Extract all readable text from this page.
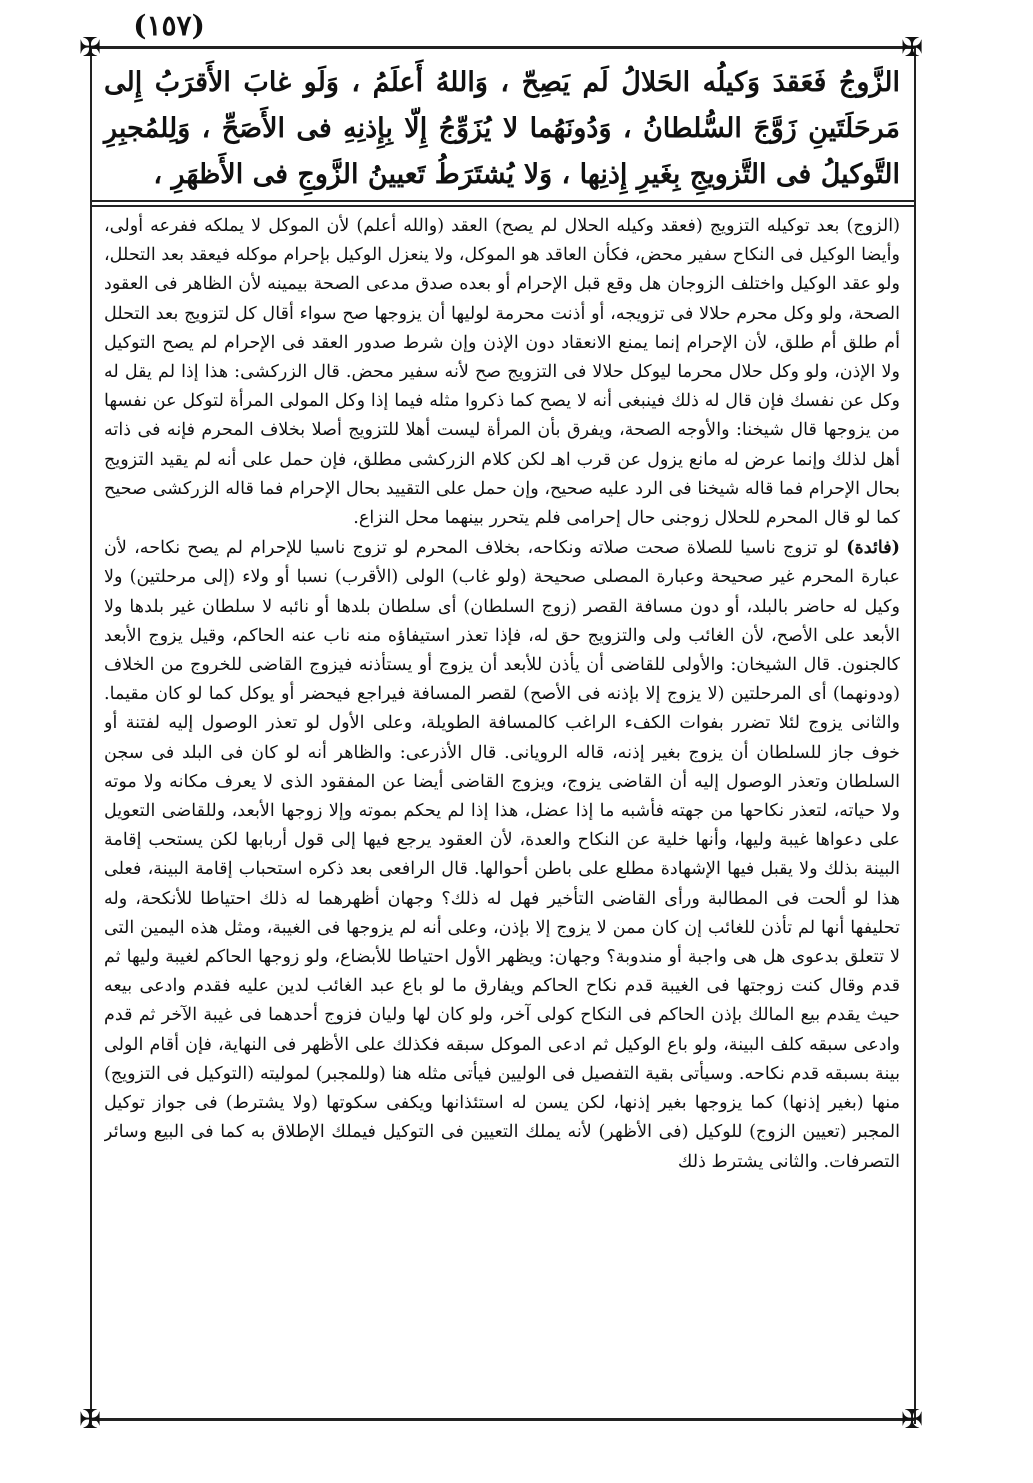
(١٥٧)
✠	✠
✠	✠

الزَّوجُ فَعَقدَ وَكيلُه الحَلالُ لَم يَصِحّ ، وَاللهُ أَعلَمُ ، وَلَو غابَ الأَقرَبُ إِلى مَرحَلَتَينِ زَوَّجَ السُّلطانُ ، وَدُونَهُما لا يُزَوِّجُ إِلّا بِإِذنِهِ فى الأَصَحِّ ، وَلِلمُجبِرِ التَّوكيلُ فى التَّزويجِ بِغَيرِ إِذنِها ، وَلا يُشتَرَطُ تَعيينُ الزَّوجِ فى الأَظهَرِ ،

(الزوج) بعد توكيله التزويج (فعقد وكيله الحلال لم يصح) العقد (والله أعلم) لأن الموكل لا يملكه ففرعه أولى، وأيضا الوكيل فى النكاح سفير محض، فكأن العاقد هو الموكل، ولا ينعزل الوكيل بإحرام موكله فيعقد بعد التحلل، ولو عقد الوكيل واختلف الزوجان هل وقع قبل الإحرام أو بعده صدق مدعى الصحة بيمينه لأن الظاهر فى العقود الصحة، ولو وكل محرم حلالا فى تزويجه، أو أذنت محرمة لوليها أن يزوجها صح سواء أقال كل لتزويج بعد التحلل أم طلق أم طلق، لأن الإحرام إنما يمنع الانعقاد دون الإذن وإن شرط صدور العقد فى الإحرام لم يصح التوكيل ولا الإذن، ولو وكل حلال محرما ليوكل حلالا فى التزويج صح لأنه سفير محض. قال الزركشى: هذا إذا لم يقل له وكل عن نفسك فإن قال له ذلك فينبغى أنه لا يصح كما ذكروا مثله فيما إذا وكل المولى المرأة لتوكل عن نفسها من يزوجها قال شيخنا: والأوجه الصحة، ويفرق بأن المرأة ليست أهلا للتزويج أصلا بخلاف المحرم فإنه فى ذاته أهل لذلك وإنما عرض له مانع يزول عن قرب اهـ لكن كلام الزركشى مطلق، فإن حمل على أنه لم يقيد التزويج بحال الإحرام فما قاله شيخنا فى الرد عليه صحيح، وإن حمل على التقييد بحال الإحرام فما قاله الزركشى صحيح كما لو قال المحرم للحلال زوجنى حال إحرامى فلم يتحرر بينهما محل النزاع.

(فائدة) لو تزوج ناسيا للصلاة صحت صلاته ونكاحه، بخلاف المحرم لو تزوج ناسيا للإحرام لم يصح نكاحه، لأن عبارة المحرم غير صحيحة وعبارة المصلى صحيحة (ولو غاب) الولى (الأقرب) نسبا أو ولاء (إلى مرحلتين) ولا وكيل له حاضر بالبلد، أو دون مسافة القصر (زوج السلطان) أى سلطان بلدها أو نائبه لا سلطان غير بلدها ولا الأبعد على الأصح، لأن الغائب ولى والتزويج حق له، فإذا تعذر استيفاؤه منه ناب عنه الحاكم، وقيل يزوج الأبعد كالجنون. قال الشيخان: والأولى للقاضى أن يأذن للأبعد أن يزوج أو يستأذنه فيزوج القاضى للخروج من الخلاف (ودونهما) أى المرحلتين (لا يزوج إلا بإذنه فى الأصح) لقصر المسافة فيراجع فيحضر أو يوكل كما لو كان مقيما. والثانى يزوج لئلا تضرر بفوات الكفء الراغب كالمسافة الطويلة، وعلى الأول لو تعذر الوصول إليه لفتنة أو خوف جاز للسلطان أن يزوج بغير إذنه، قاله الرويانى. قال الأذرعى: والظاهر أنه لو كان فى البلد فى سجن السلطان وتعذر الوصول إليه أن القاضى يزوج، ويزوج القاضى أيضا عن المفقود الذى لا يعرف مكانه ولا موته ولا حياته، لتعذر نكاحها من جهته فأشبه ما إذا عضل، هذا إذا لم يحكم بموته وإلا زوجها الأبعد، وللقاضى التعويل على دعواها غيبة وليها، وأنها خلية عن النكاح والعدة، لأن العقود يرجع فيها إلى قول أربابها لكن يستحب إقامة البينة بذلك ولا يقبل فيها الإشهادة مطلع على باطن أحوالها. قال الرافعى بعد ذكره استحباب إقامة البينة، فعلى هذا لو ألحت فى المطالبة ورأى القاضى التأخير فهل له ذلك؟ وجهان أظهرهما له ذلك احتياطا للأنكحة، وله تحليفها أنها لم تأذن للغائب إن كان ممن لا يزوج إلا بإذن، وعلى أنه لم يزوجها فى الغيبة، ومثل هذه اليمين التى لا تتعلق بدعوى هل هى واجبة أو مندوبة؟ وجهان: ويظهر الأول احتياطا للأبضاع، ولو زوجها الحاكم لغيبة وليها ثم قدم وقال كنت زوجتها فى الغيبة قدم نكاح الحاكم ويفارق ما لو باع عبد الغائب لدين عليه فقدم وادعى بيعه حيث يقدم بيع المالك بإذن الحاكم فى النكاح كولى آخر، ولو كان لها وليان فزوج أحدهما فى غيبة الآخر ثم قدم وادعى سبقه كلف البينة، ولو باع الوكيل ثم ادعى الموكل سبقه فكذلك على الأظهر فى النهاية، فإن أقام الولى بينة بسبقه قدم نكاحه. وسيأتى بقية التفصيل فى الوليين فيأتى مثله هنا (وللمجبر) لموليته (التوكيل فى التزويج) منها (بغير إذنها) كما يزوجها بغير إذنها، لكن يسن له استئذانها ويكفى سكوتها (ولا يشترط) فى جواز توكيل المجبر (تعيين الزوج) للوكيل (فى الأظهر) لأنه يملك التعيين فى التوكيل فيملك الإطلاق به كما فى البيع وسائر التصرفات. والثانى يشترط ذلك
